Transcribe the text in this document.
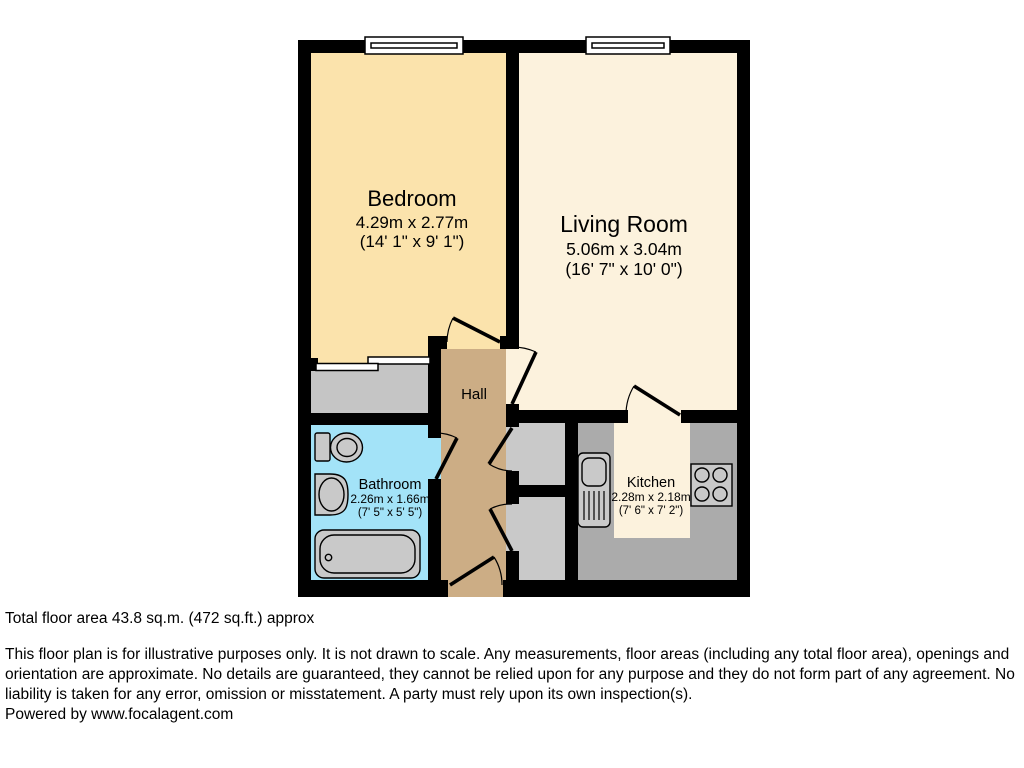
Bedroom
4.29m x 2.77m
(14' 1" x 9' 1")
Living Room
5.06m x 3.04m
(16' 7" x 10' 0")
Hall
Bathroom
2.26m x 1.66m
(7' 5" x 5' 5")
Kitchen
2.28m x 2.18m
(7' 6" x 7' 2")
Total floor area 43.8 sq.m. (472 sq.ft.) approx
This floor plan is for illustrative purposes only. It is not drawn to scale. Any measurements, floor areas (including any total floor area), openings and orientation are approximate. No details are guaranteed, they cannot be relied upon for any purpose and they do not form part of any agreement. No liability is taken for any error, omission or misstatement. A party must rely upon its own inspection(s).
Powered by www.focalagent.com
